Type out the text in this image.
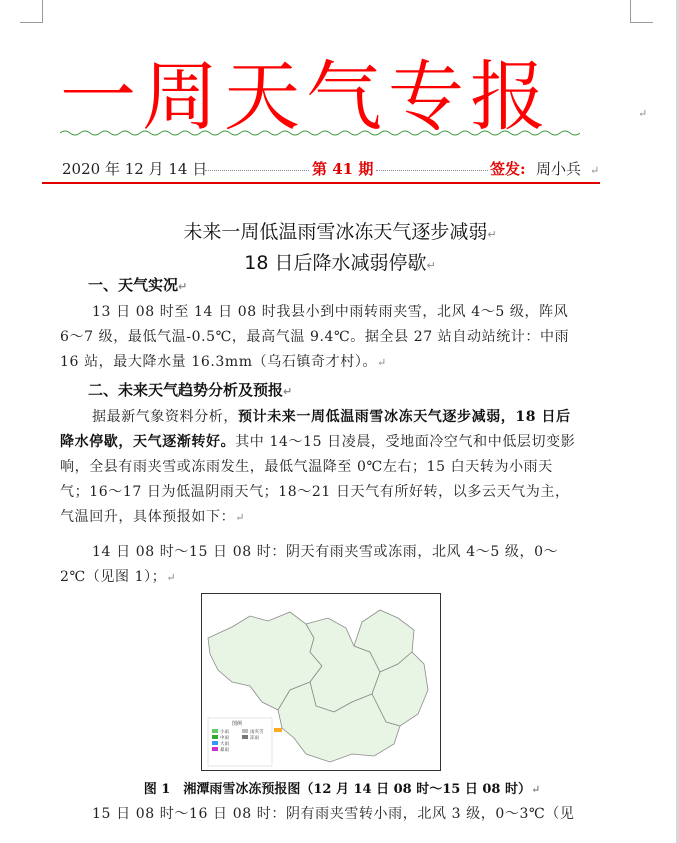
一周天气专报	↵
2020 年 12 月 14 日	第 41 期	签发: 周小兵 ↵
未来一周低温雨雪冰冻天气逐步减弱↵
18 日后降水减弱停歇↵
一、天气实况↵
13 日 08 时至 14 日 08 时我县小到中雨转雨夹雪，北风 4～5 级，阵风 6～7 级，最低气温-0.5℃，最高气温 9.4℃。据全县 27 站自动站统计：中雨 16 站，最大降水量 16.3mm（乌石镇奇才村）。↵
二、未来天气趋势分析及预报↵
据最新气象资料分析，预计未来一周低温雨雪冰冻天气逐步减弱，18 日后降水停歇，天气逐渐转好。其中 14～15 日凌晨，受地面冷空气和中低层切变影响，全县有雨夹雪或冻雨发生，最低气温降至 0℃左右；15 白天转为小雨天气；16～17 日为低温阴雨天气；18～21 日天气有所好转，以多云天气为主，气温回升，具体预报如下：↵
14 日 08 时～15 日 08 时：阴天有雨夹雪或冻雨，北风 4～5 级，0～2℃（见图 1）；↵
图例
小雨
中雨
大雨
暴雨
雨夹雪
冻雨
图 1　湘潭雨雪冰冻预报图（12 月 14 日 08 时～15 日 08 时）↵
15 日 08 时～16 日 08 时：阴有雨夹雪转小雨，北风 3 级，0～3℃（见
